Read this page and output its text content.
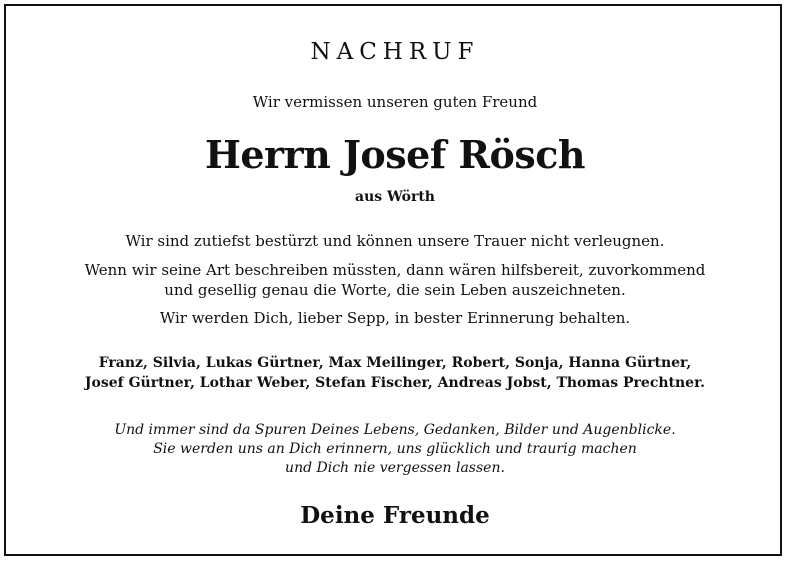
NACHRUF
Wir vermissen unseren guten Freund
Herrn Josef Rösch
aus Wörth
Wir sind zutiefst bestürzt und können unsere Trauer nicht verleugnen.
Wenn wir seine Art beschreiben müssten, dann wären hilfsbereit, zuvorkommend
und gesellig genau die Worte, die sein Leben auszeichneten.
Wir werden Dich, lieber Sepp, in bester Erinnerung behalten.
Franz, Silvia, Lukas Gürtner, Max Meilinger, Robert, Sonja, Hanna Gürtner,
Josef Gürtner, Lothar Weber, Stefan Fischer, Andreas Jobst, Thomas Prechtner.
Und immer sind da Spuren Deines Lebens, Gedanken, Bilder und Augenblicke.
Sie werden uns an Dich erinnern, uns glücklich und traurig machen
und Dich nie vergessen lassen.
Deine Freunde
